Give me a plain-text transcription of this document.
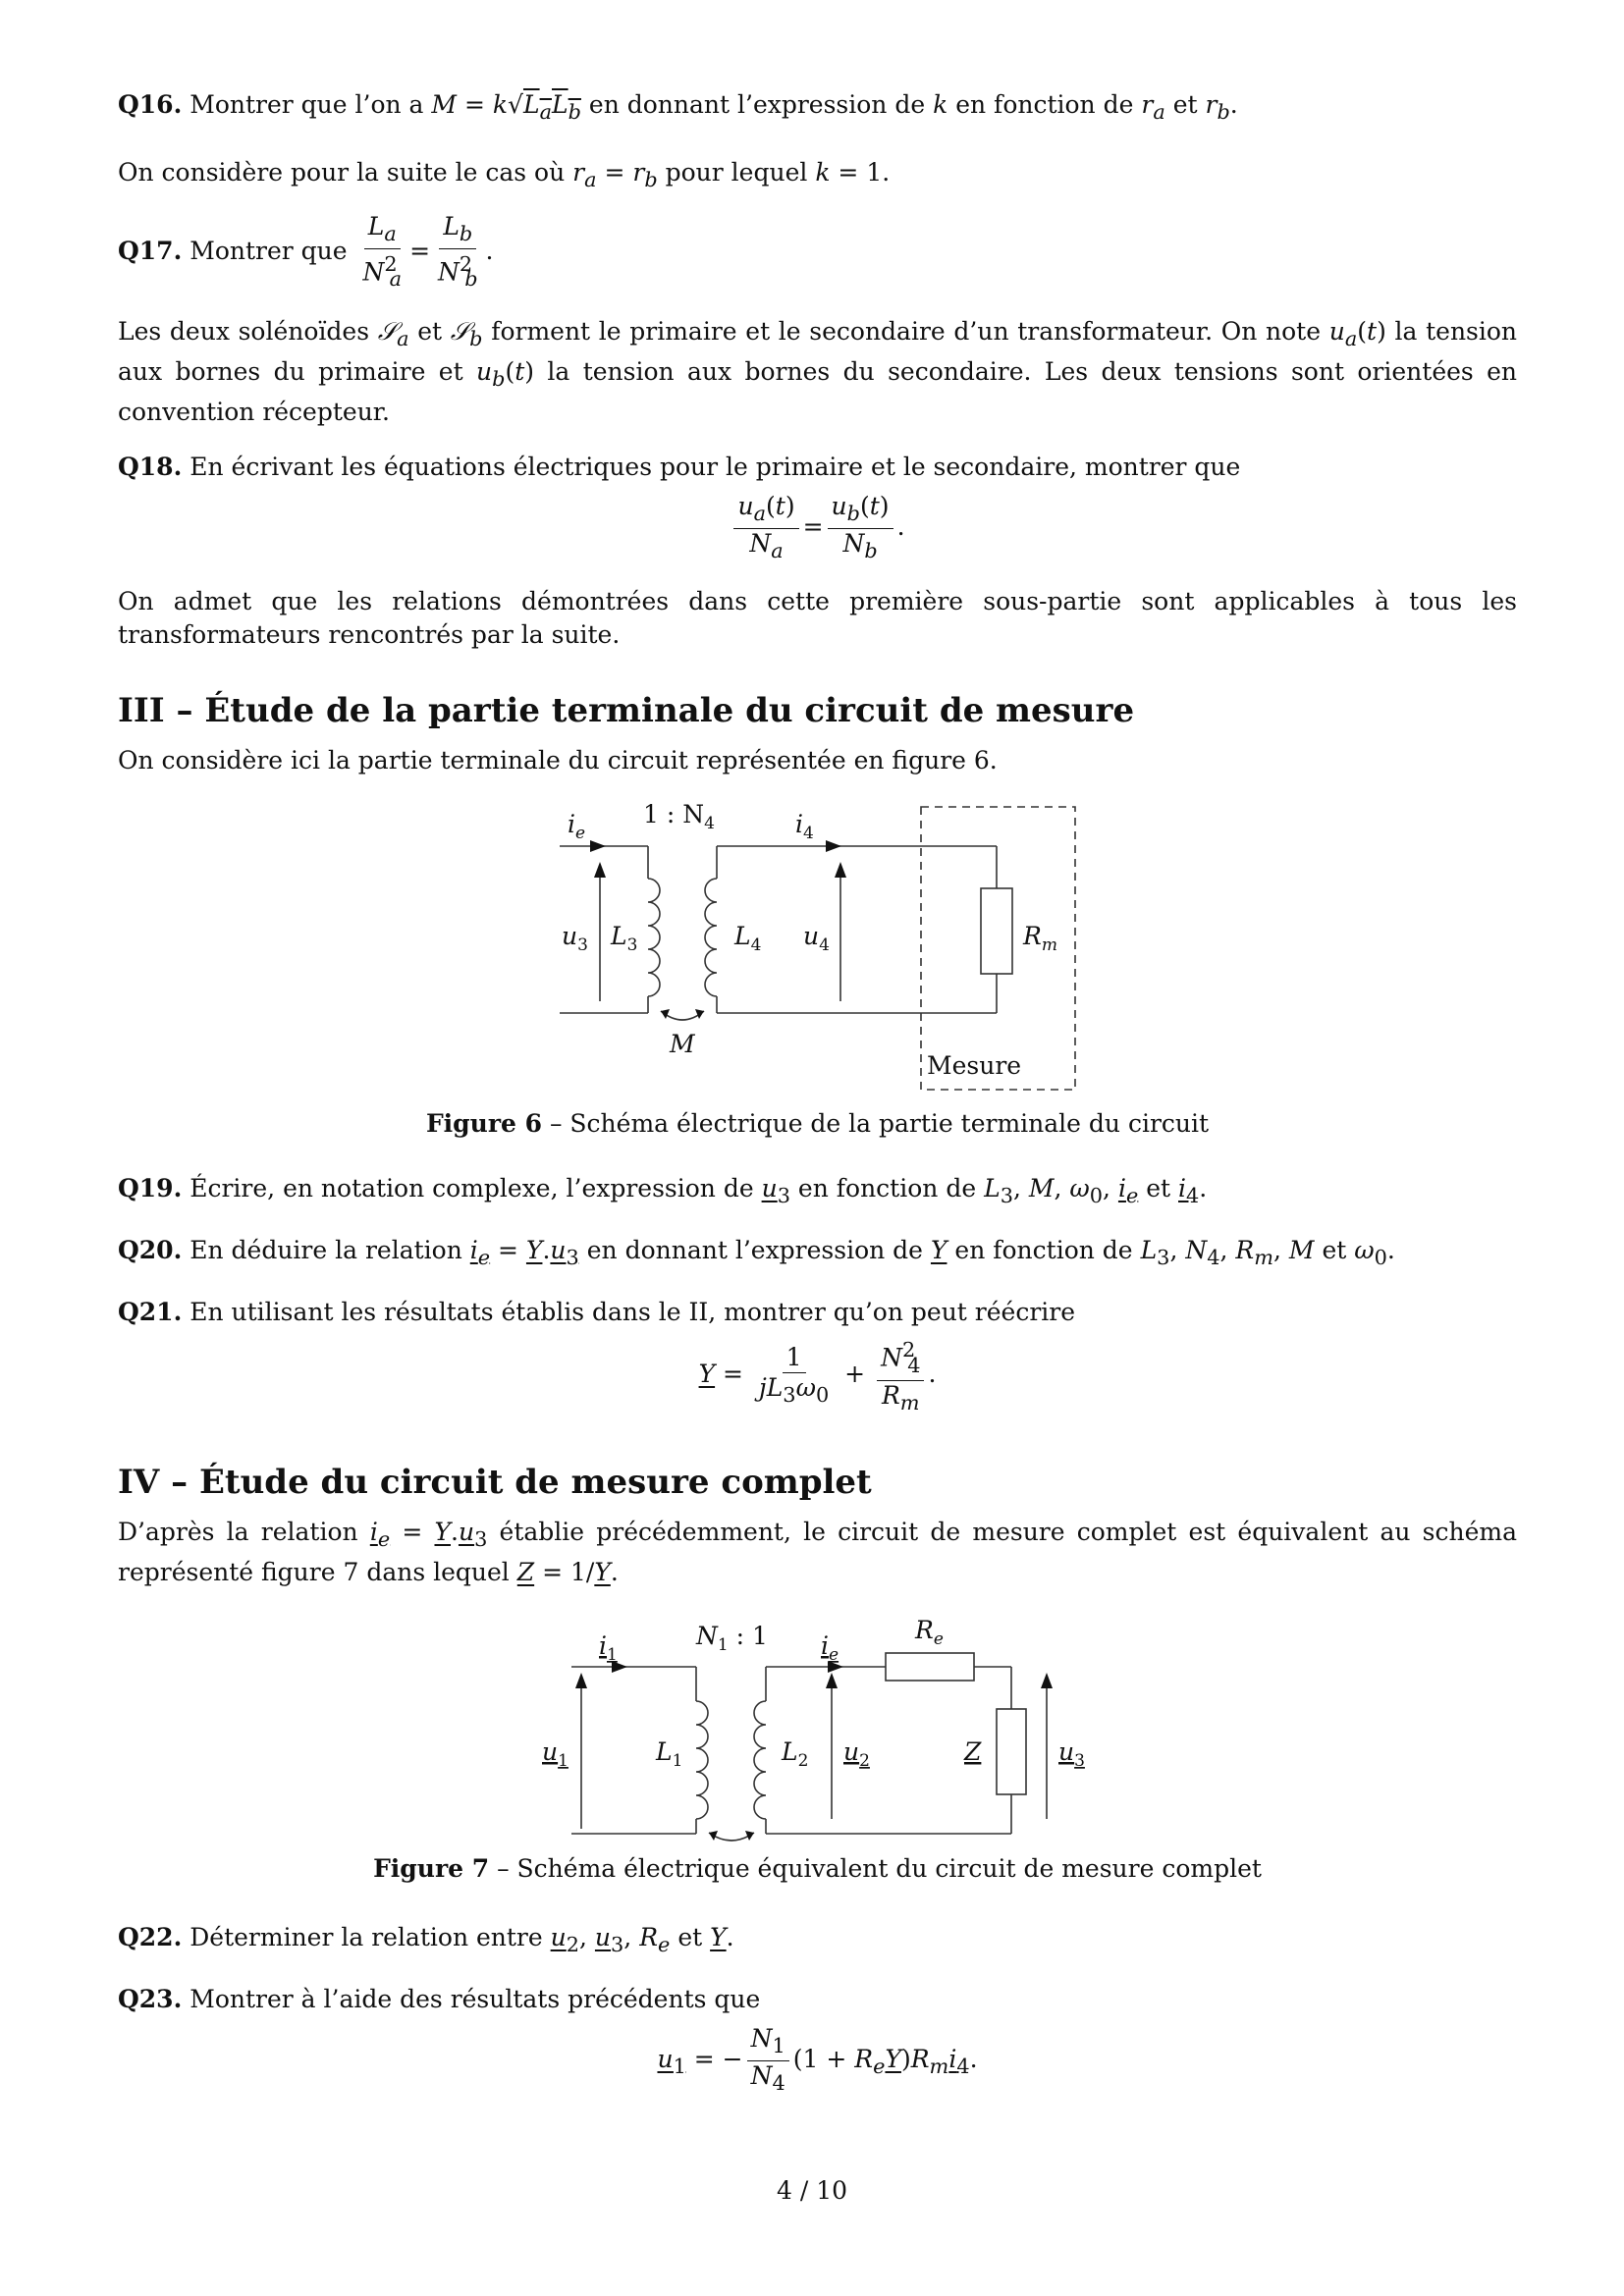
Q16. Montrer que l’on a $M = k√L_aL_b$ en donnant l’expression de k en fonction de $r_a$ et $r_b$.

On considère pour la suite le cas où $r_a = r_b$ pour lequel k = 1.

Q17. Montrer que $\frac{L_a}{N^2_a} = \frac{L_b}{N^2_b}$ .

Les deux solénoïdes 𝒮$_a$ et 𝒮$_b$ forment le primaire et le secondaire d’un transformateur. On note $u_a(t)$ la tension aux bornes du primaire et $u_b(t)$ la tension aux bornes du secondaire. Les deux tensions sont orientées en convention récepteur.

Q18. En écrivant les équations électriques pour le primaire et le secondaire, montrer que

$\frac{u_a(t)}{N_a} = \frac{u_b(t)}{N_b}$ .

On admet que les relations démontrées dans cette première sous-partie sont applicables à tous les transformateurs rencontrés par la suite.

III – Étude de la partie terminale du circuit de mesure

On considère ici la partie terminale du circuit représentée en figure 6.

$i_e$	$i_4$
$u_3$ $L_3$	$L_4$ $u_4$	$R_m$
M
1 : $N_4$
Mesure

Figure 6 – Schéma électrique de la partie terminale du circuit

Q19. Écrire, en notation complexe, l’expression de $u_3$ en fonction de $L_3$, M, $\omega_0$, $i_e$ et $i_4$.

Q20. En déduire la relation $i_e = Y.u_3$ en donnant l’expression de Y en fonction de $L_3$, $N_4$, $R_m$, M et $\omega_0$.

Q21. En utilisant les résultats établis dans le II, montrer qu’on peut réécrire

$Y = \frac{1}{jL_3\omega_0} + \frac{N^2_4}{R_m}$ .

IV – Étude du circuit de mesure complet

D’après la relation $i_e = Y.u_3$ établie précédemment, le circuit de mesure complet est équivalent au schéma représenté figure 7 dans lequel Z = 1/Y.

$i_1$
$N_1$ : 1 $i_e$
$R_e$
$u_1$	$L_1$	$L_2$ $u_2$	Z	$u_3$

Figure 7 – Schéma électrique équivalent du circuit de mesure complet

Q22. Déterminer la relation entre $u_2$, $u_3$, $R_e$ et Y.

Q23. Montrer à l’aide des résultats précédents que

$u_1$ = − $\frac{N_1}{N_4} (1 + R_eY)R_mi_4$.

4 / 10
